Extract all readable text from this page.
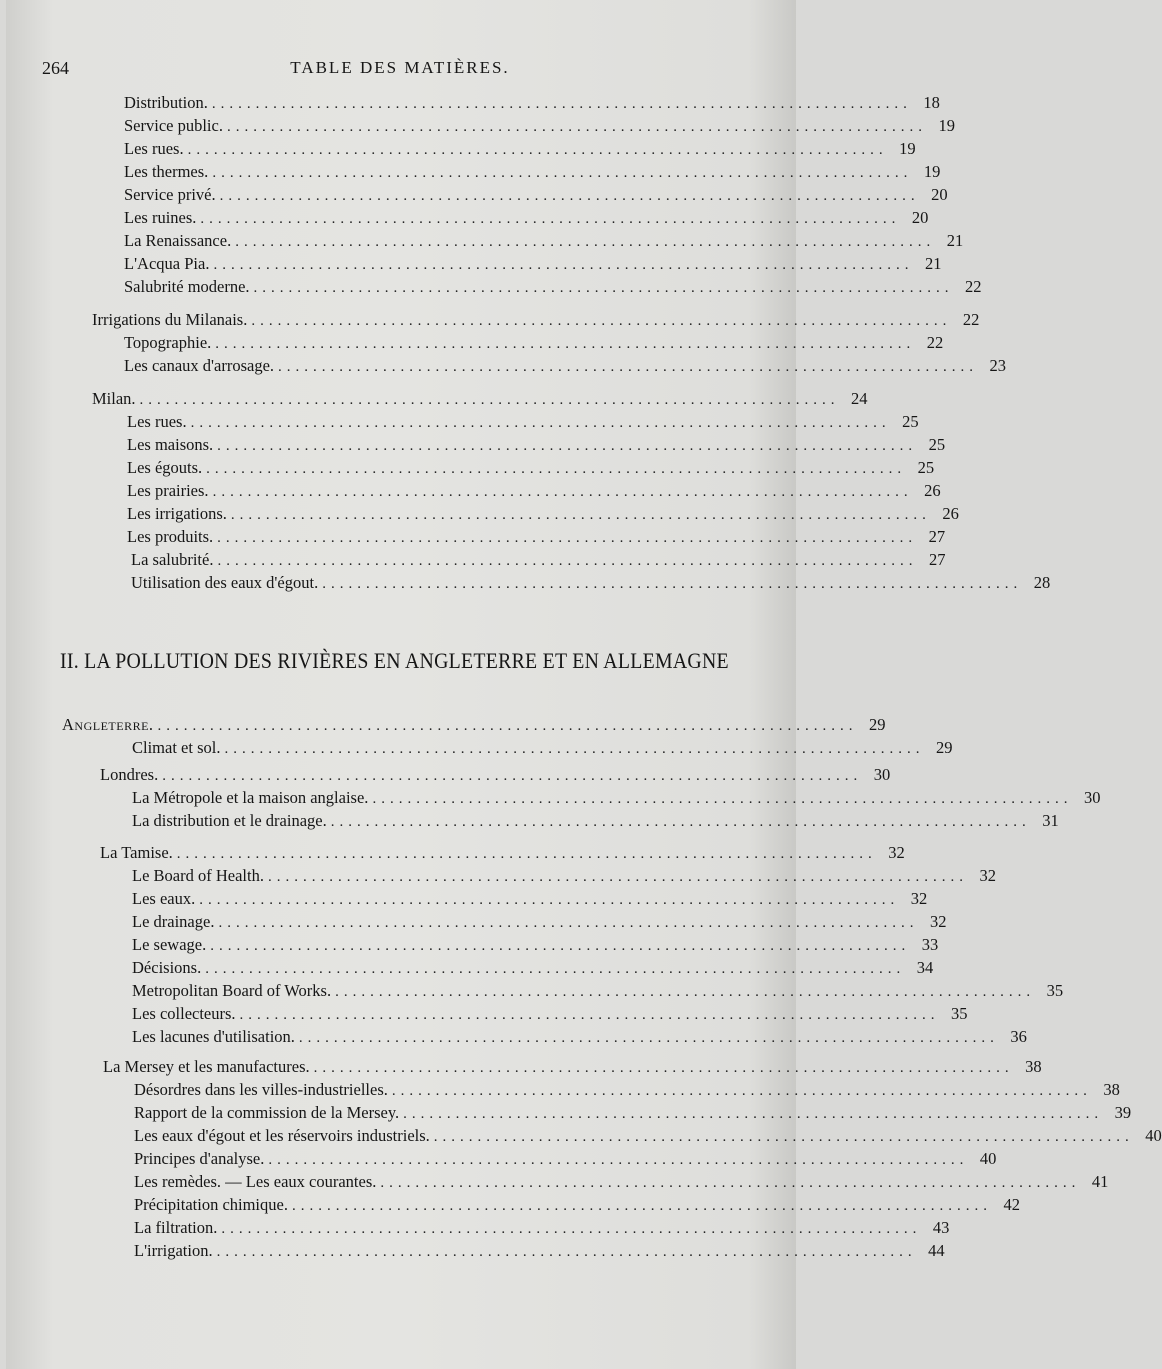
264	TABLE DES MATIÈRES.
Distribution. ................................................................................ 18
Service public. ................................................................................ 19
Les rues. ................................................................................ 19
Les thermes. ................................................................................ 19
Service privé. ................................................................................ 20
Les ruines. ................................................................................ 20
La Renaissance. ................................................................................ 21
L'Acqua Pia. ................................................................................ 21
Salubrité moderne. ................................................................................ 22
Irrigations du Milanais. ................................................................................ 22
Topographie. ................................................................................ 22
Les canaux d'arrosage. ................................................................................ 23
Milan. ................................................................................ 24
Les rues. ................................................................................ 25
Les maisons. ................................................................................ 25
Les égouts. ................................................................................ 25
Les prairies. ................................................................................ 26
Les irrigations. ................................................................................ 26
Les produits. ................................................................................ 27
La salubrité. ................................................................................ 27
Utilisation des eaux d'égout. ................................................................................ 28
Angleterre. ................................................................................ 29
Climat et sol. ................................................................................ 29
Londres. ................................................................................ 30
La Métropole et la maison anglaise. ................................................................................ 30
La distribution et le drainage. ................................................................................ 31
La Tamise. ................................................................................ 32
Le Board of Health. ................................................................................ 32
Les eaux. ................................................................................ 32
Le drainage. ................................................................................ 32
Le sewage. ................................................................................ 33
Décisions. ................................................................................ 34
Metropolitan Board of Works. ................................................................................ 35
Les collecteurs. ................................................................................ 35
Les lacunes d'utilisation. ................................................................................ 36
La Mersey et les manufactures. ................................................................................ 38
Désordres dans les villes-industrielles. ................................................................................ 38
Rapport de la commission de la Mersey. ................................................................................ 39
Les eaux d'égout et les réservoirs industriels. ................................................................................ 40
Principes d'analyse. ................................................................................ 40
Les remèdes. — Les eaux courantes. ................................................................................ 41
Précipitation chimique. ................................................................................ 42
La filtration. ................................................................................ 43
L'irrigation. ................................................................................ 44
II. LA POLLUTION DES RIVIÈRES EN ANGLETERRE ET EN ALLEMAGNE
